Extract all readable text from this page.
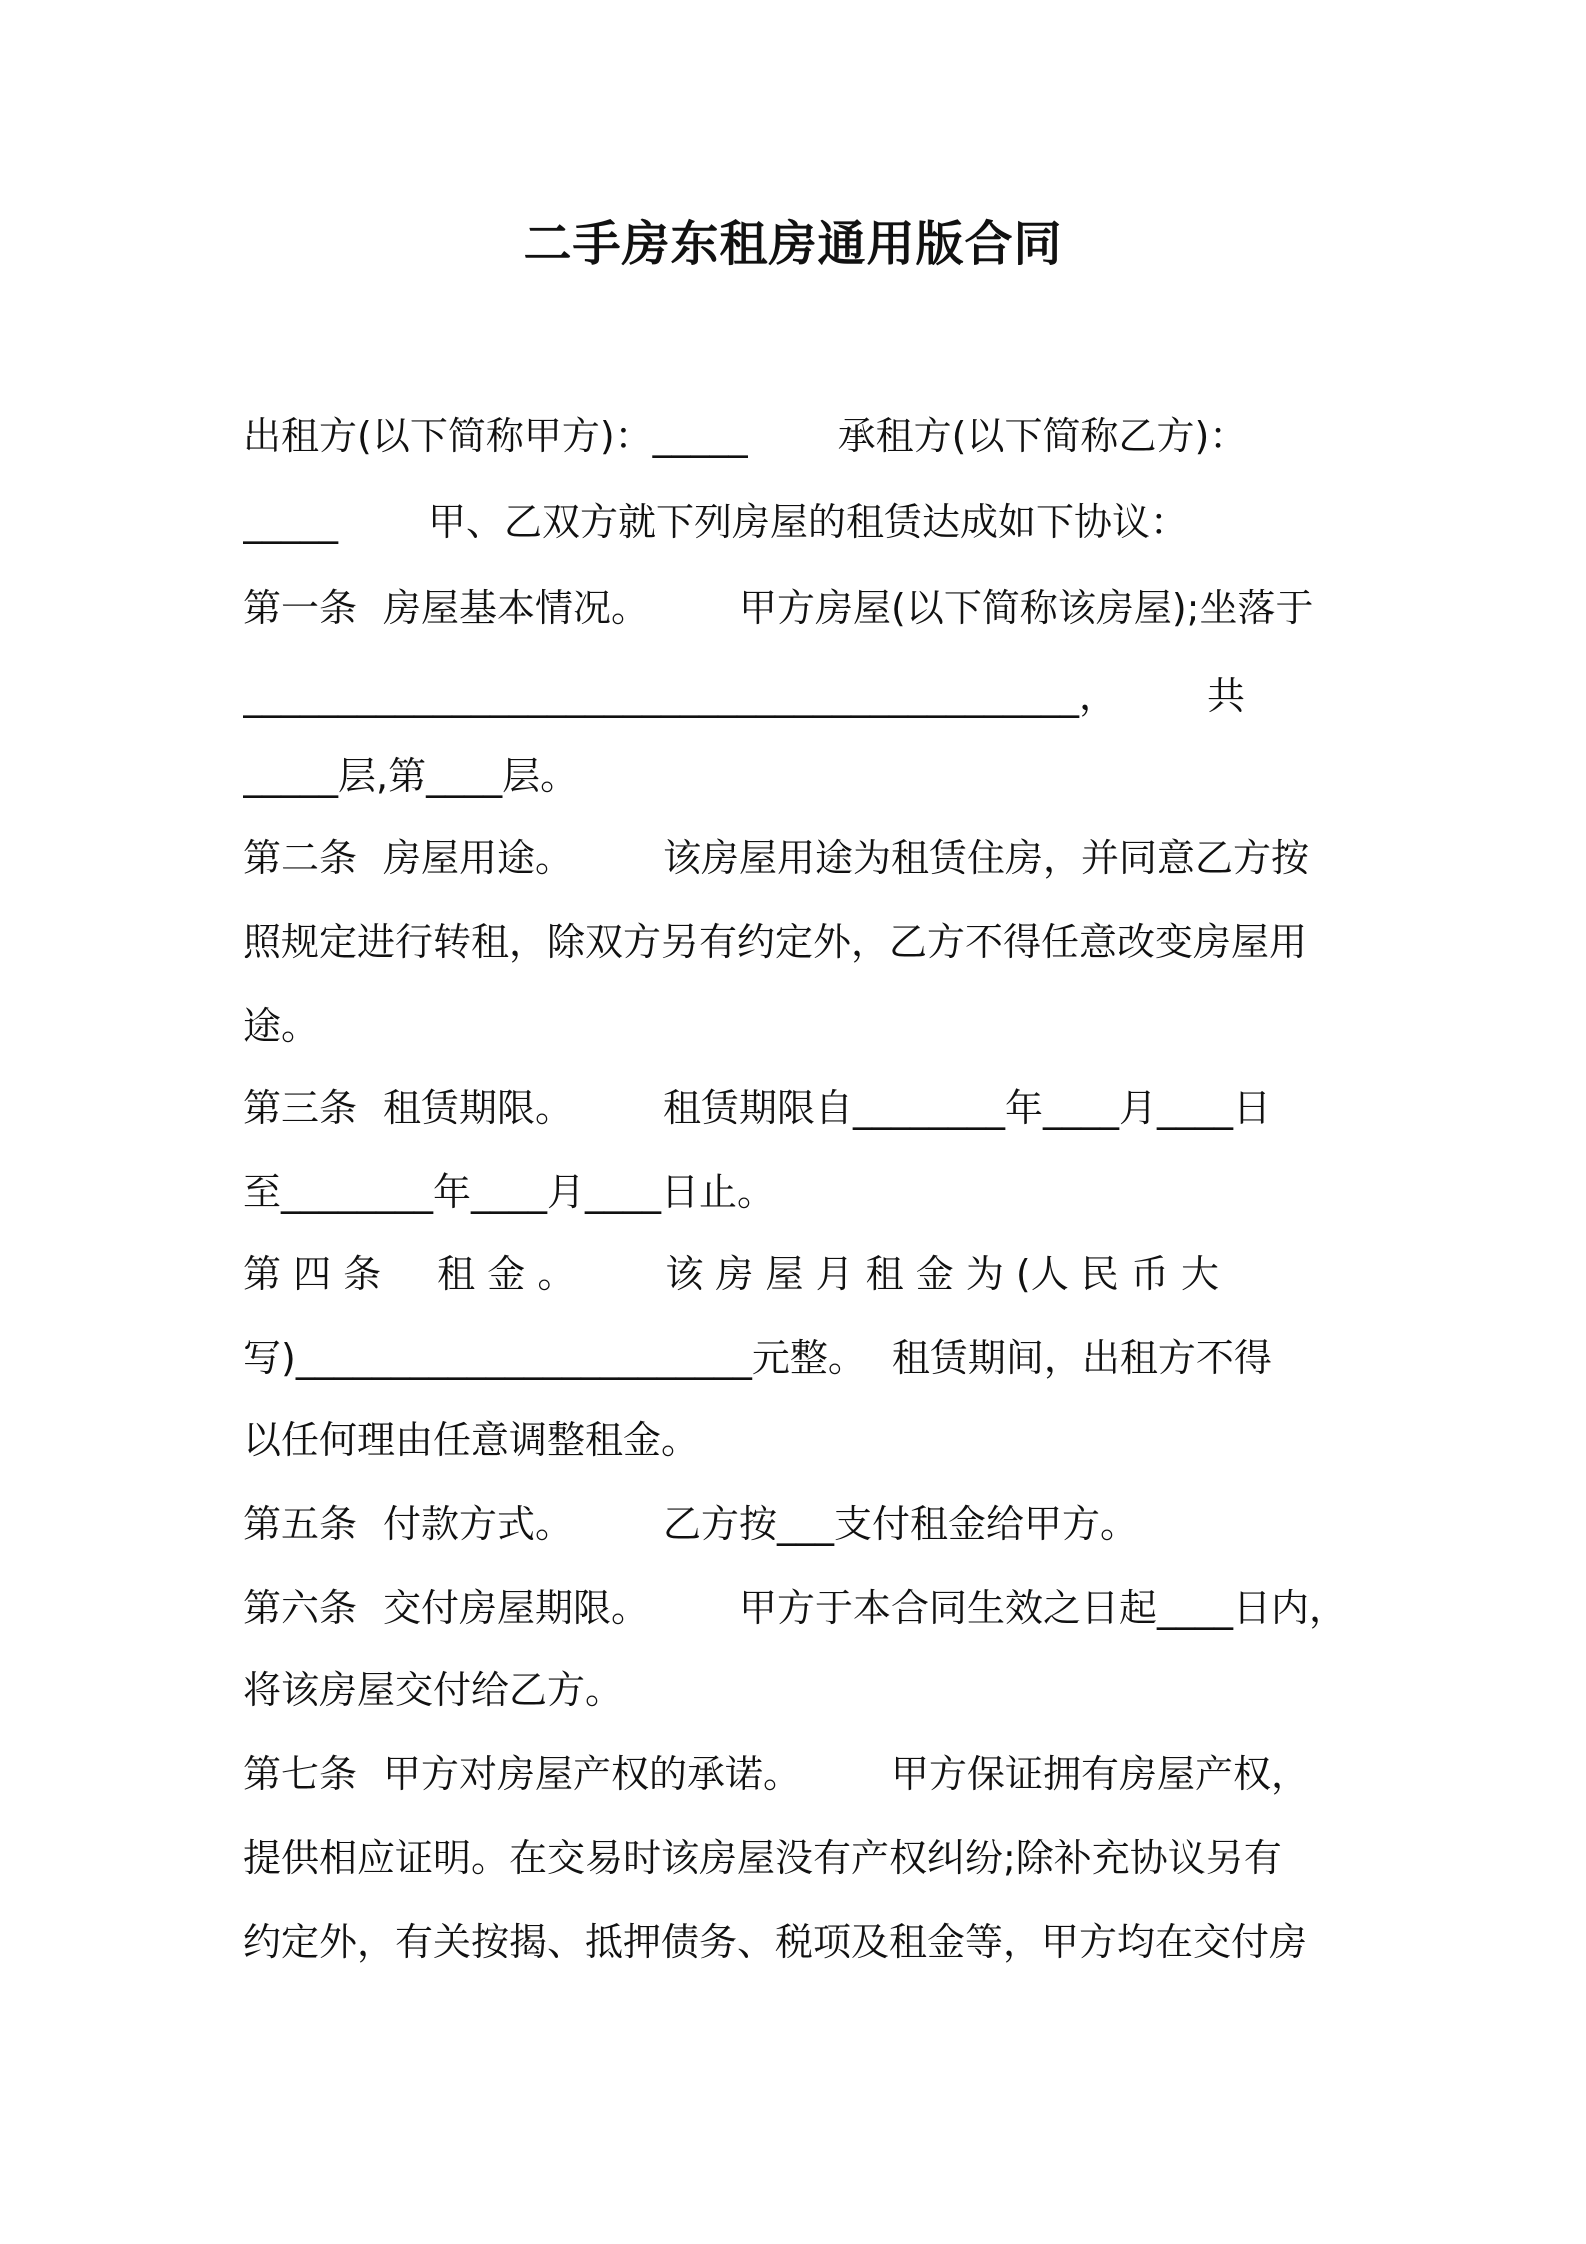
二手房东租房通用版合同
出租方(以下简称甲方)：_____ 承租方(以下简称乙方)：
_____ 甲、乙双方就下列房屋的租赁达成如下协议：
第一条 房屋基本情况。 甲方房屋(以下简称该房屋);坐落于
____________________________________________， 共
_____层,第____层。
第二条 房屋用途。 该房屋用途为租赁住房，并同意乙方按
照规定进行转租，除双方另有约定外，乙方不得任意改变房屋用
途。
第三条 租赁期限。 租赁期限自________年____月____日
至________年____月____日止。
第 四 条 租 金 。 该 房 屋 月 租 金 为 (人 民 币 大
写)________________________元整。 租赁期间，出租方不得
以任何理由任意调整租金。
第五条 付款方式。 乙方按___支付租金给甲方。
第六条 交付房屋期限。 甲方于本合同生效之日起____日内，
将该房屋交付给乙方。
第七条 甲方对房屋产权的承诺。 甲方保证拥有房屋产权，
提供相应证明。在交易时该房屋没有产权纠纷;除补充协议另有
约定外，有关按揭、抵押债务、税项及租金等，甲方均在交付房
